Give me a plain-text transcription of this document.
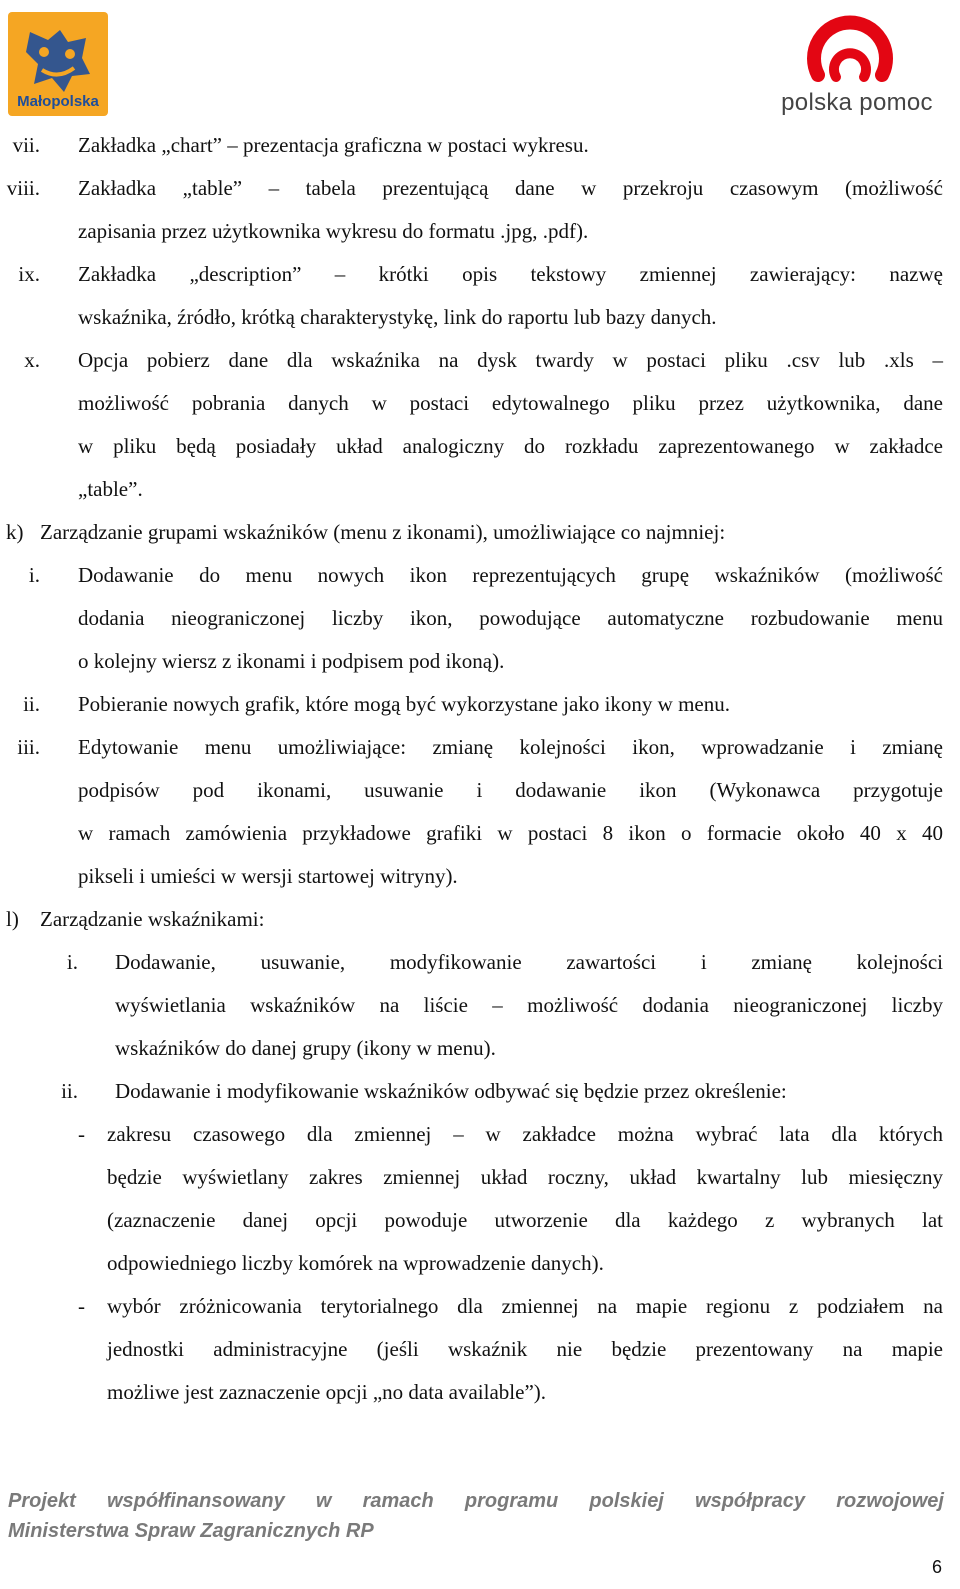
Małopolska	polska pomoc
vii. Zakładka „chart” – prezentacja graficzna w postaci wykresu.
viii. Zakładka „table” – tabela prezentującą dane w przekroju czasowym (możliwość
zapisania przez użytkownika wykresu do formatu .jpg, .pdf).
ix. Zakładka „description” – krótki opis tekstowy zmiennej zawierający: nazwę
wskaźnika, źródło, krótką charakterystykę, link do raportu lub bazy danych.
x. Opcja pobierz dane dla wskaźnika na dysk twardy w postaci pliku .csv lub .xls –
możliwość pobrania danych w postaci edytowalnego pliku przez użytkownika, dane
w pliku będą posiadały układ analogiczny do rozkładu zaprezentowanego w zakładce
„table”.
k) Zarządzanie grupami wskaźników (menu z ikonami), umożliwiające co najmniej:
i. Dodawanie do menu nowych ikon reprezentujących grupę wskaźników (możliwość
dodania nieograniczonej liczby ikon, powodujące automatyczne rozbudowanie menu
o kolejny wiersz z ikonami i podpisem pod ikoną).
ii. Pobieranie nowych grafik, które mogą być wykorzystane jako ikony w menu.
iii. Edytowanie menu umożliwiające: zmianę kolejności ikon, wprowadzanie i zmianę
podpisów pod ikonami, usuwanie i dodawanie ikon (Wykonawca przygotuje
w ramach zamówienia przykładowe grafiki w postaci 8 ikon o formacie około 40 x 40
pikseli i umieści w wersji startowej witryny).
l) Zarządzanie wskaźnikami:
i. Dodawanie, usuwanie, modyfikowanie zawartości i zmianę kolejności
wyświetlania wskaźników na liście – możliwość dodania nieograniczonej liczby
wskaźników do danej grupy (ikony w menu).
ii. Dodawanie i modyfikowanie wskaźników odbywać się będzie przez określenie:
- zakresu czasowego dla zmiennej – w zakładce można wybrać lata dla których
będzie wyświetlany zakres zmiennej układ roczny, układ kwartalny lub miesięczny
(zaznaczenie danej opcji powoduje utworzenie dla każdego z wybranych lat
odpowiedniego liczby komórek na wprowadzenie danych).
- wybór zróżnicowania terytorialnego dla zmiennej na mapie regionu z podziałem na
jednostki administracyjne (jeśli wskaźnik nie będzie prezentowany na mapie
możliwe jest zaznaczenie opcji „no data available”).
Projekt współfinansowany w ramach programu polskiej współpracy rozwojowej
Ministerstwa Spraw Zagranicznych RP
6
